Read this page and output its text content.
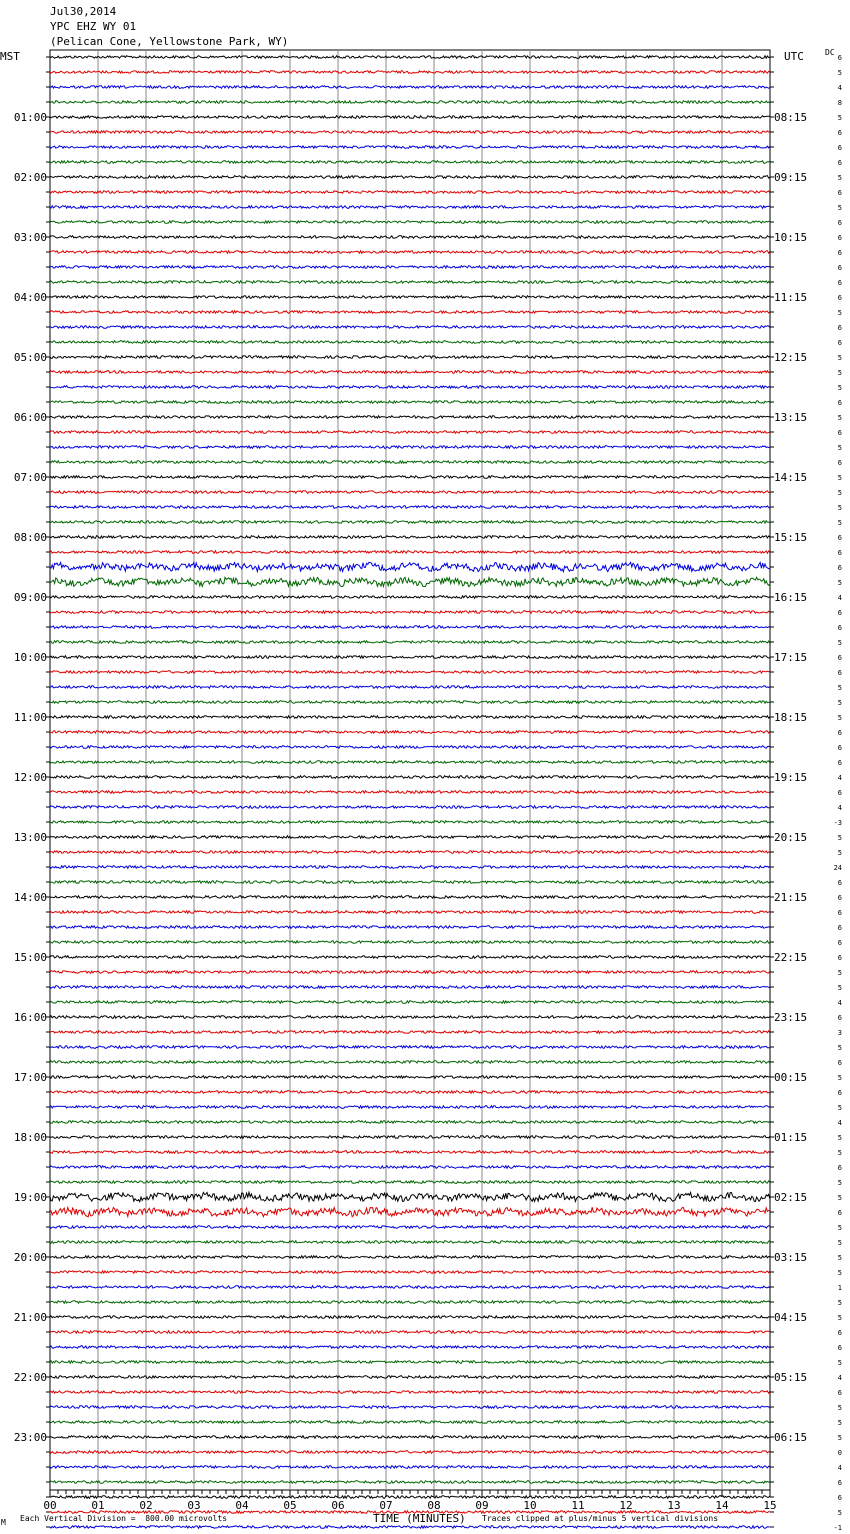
Jul30,2014
YPC EHZ WY 01
(Pelican Cone, Yellowstone Park, WY)
MST	UTC	DC
6
5
4
8
5
6
6
6
5
6
5
6
6
6
6
6
6
5
6
6
5
5
5
6
5
6
5
6
5
5
5
5
6
6
6
5
4
6
6
5
6
6
5
5
5
6
6
6
4
6
4
-3
5
5
24
6
6
6
6
6
6
5
5
4
6
3
5
6
5
6
5
4
5
5
6
5
5
6
5
5
5
5
1
5
5
6
6
5
4
6
5
5
5
0
4
6
6
5
-1
01:00
02:00
03:00
04:00
05:00
06:00
07:00
08:00
09:00
10:00
11:00
12:00
13:00
14:00
15:00
16:00
17:00
18:00
19:00
20:00
21:00
22:00
23:00
08:15
09:15
10:15
11:15
12:15
13:15
14:15
15:15
16:15
17:15
18:15
19:15
20:15
21:15
22:15
23:15
00:15
01:15
02:15
03:15
04:15
05:15
06:15
00	01	02	03	04	05	06	07	08	09	10	11	12	13	14	15
M Each Vertical Division =  800.00 microvolts	TIME (MINUTES) Traces clipped at plus/minus 5 vertical divisions
